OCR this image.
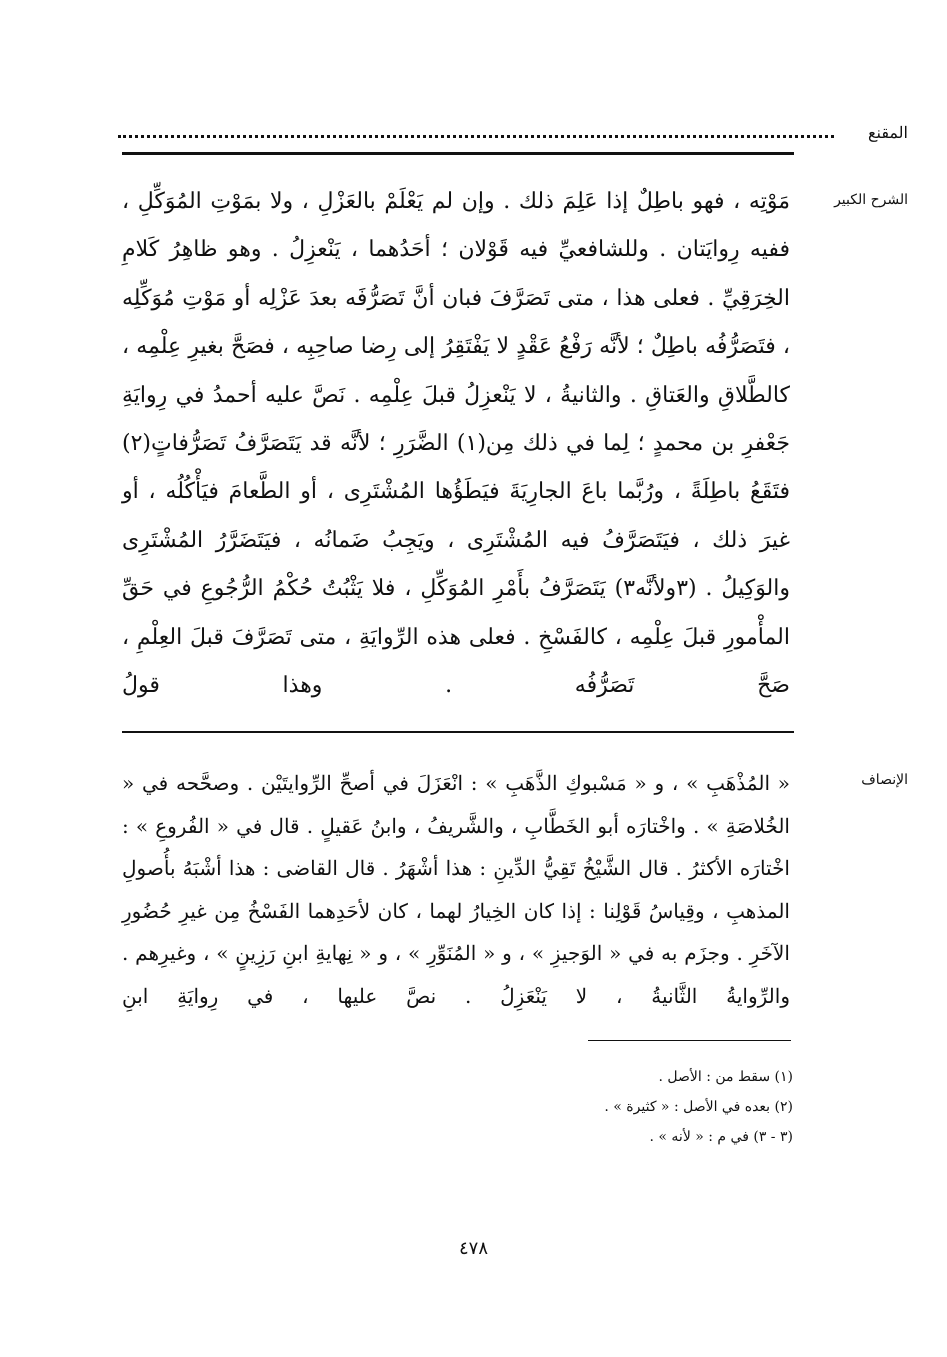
المقنع
الشرح الكبير

مَوْتِه ، فهو باطِلٌ إذا عَلِمَ ذلك . وإن لم يَعْلَمْ بالعَزْلِ ، ولا بمَوْتِ المُوَكِّلِ ، ففيه رِوايَتان . وللشافعيِّ فيه قَوْلان ؛ أحَدُهما ، يَنْعزِلُ . وهو ظاهِرُ كَلامِ الخِرَقِيِّ . فعلى هذا ، متى تَصَرَّفَ فبان أنَّ تَصَرُّفَه بعدَ عَزْلِه أو مَوْتِ مُوَكِّلِه ، فتَصَرُّفُه باطِلٌ ؛ لأنَّه رَفْعُ عَقْدٍ لا يَفْتَقِرُ إلى رِضا صاحِبِه ، فصَحَّ بغيرِ عِلْمِه ، كالطَّلاقِ والعَتاقِ . والثانيةُ ، لا يَنْعزِلُ قبلَ عِلْمِه . نَصَّ عليه أحمدُ في رِوايَةِ جَعْفرِ بن محمدٍ ؛ لِما في ذلك مِن(١) الضَّرَرِ ؛ لأنَّه قد يَتَصَرَّفُ تَصَرُّفاتٍ(٢) فتَقَعُ باطِلَةً ، ورُبَّما باعَ الجارِيَةَ فيَطَؤُها المُشْتَرِى ، أو الطَّعامَ فيَأْكُلُه ، أو غيرَ ذلك ، فيَتَصَرَّفُ فيه المُشْتَرِى ، ويَجِبُ ضَمانُه ، فيَتَضَرَّرُ المُشْتَرِى والوَكِيلُ . (٣ولأنَّه٣) يَتَصَرَّفُ بأَمْرِ المُوَكِّلِ ، فلا يَثْبُتُ حُكْمُ الرُّجُوعِ في حَقِّ المأْمورِ قبلَ عِلْمِه ، كالفَسْخِ . فعلى هذه الرِّوايَةِ ، متى تَصَرَّفَ قبلَ العِلْمِ ، صَحَّ تَصَرُّفُه . وهذا قولُ

الإنصاف

« المُذْهَبِ » ، و « مَسْبوكِ الذَّهَبِ » : انْعَزَلَ في أصحِّ الرِّوايتَيْن . وصحَّحه في « الخُلاصَةِ » . واخْتارَه أبو الخَطَّابِ ، والشَّريفُ ، وابنُ عَقيلٍ . قال في « الفُروعِ » : اخْتارَه الأكثرُ . قال الشَّيْخُ تَقِيُّ الدِّينِ : هذا أشْهَرُ . قال القاضى : هذا أشْبَهُ بأُصولِ المذهبِ ، وقِياسُ قَوْلِنا : إذا كان الخِيارُ لهما ، كان لأحَدِهما الفَسْخُ مِن غيرِ حُضُورِ الآخَرِ . وجزَم به في « الوَجيزِ » ، و « المُنَوِّرِ » ، و « نِهايةِ ابنِ رَزِينٍ » ، وغيرِهم . والرِّوايةُ الثَّانيةُ ، لا يَنْعَزِلُ . نصَّ عليها ، في رِوايَةِ ابنِ

(١) سقط من : الأصل .
(٢) بعده في الأصل : « كثيرة » .
(٣ - ٣) في م : « لأنه » .
٤٧٨
